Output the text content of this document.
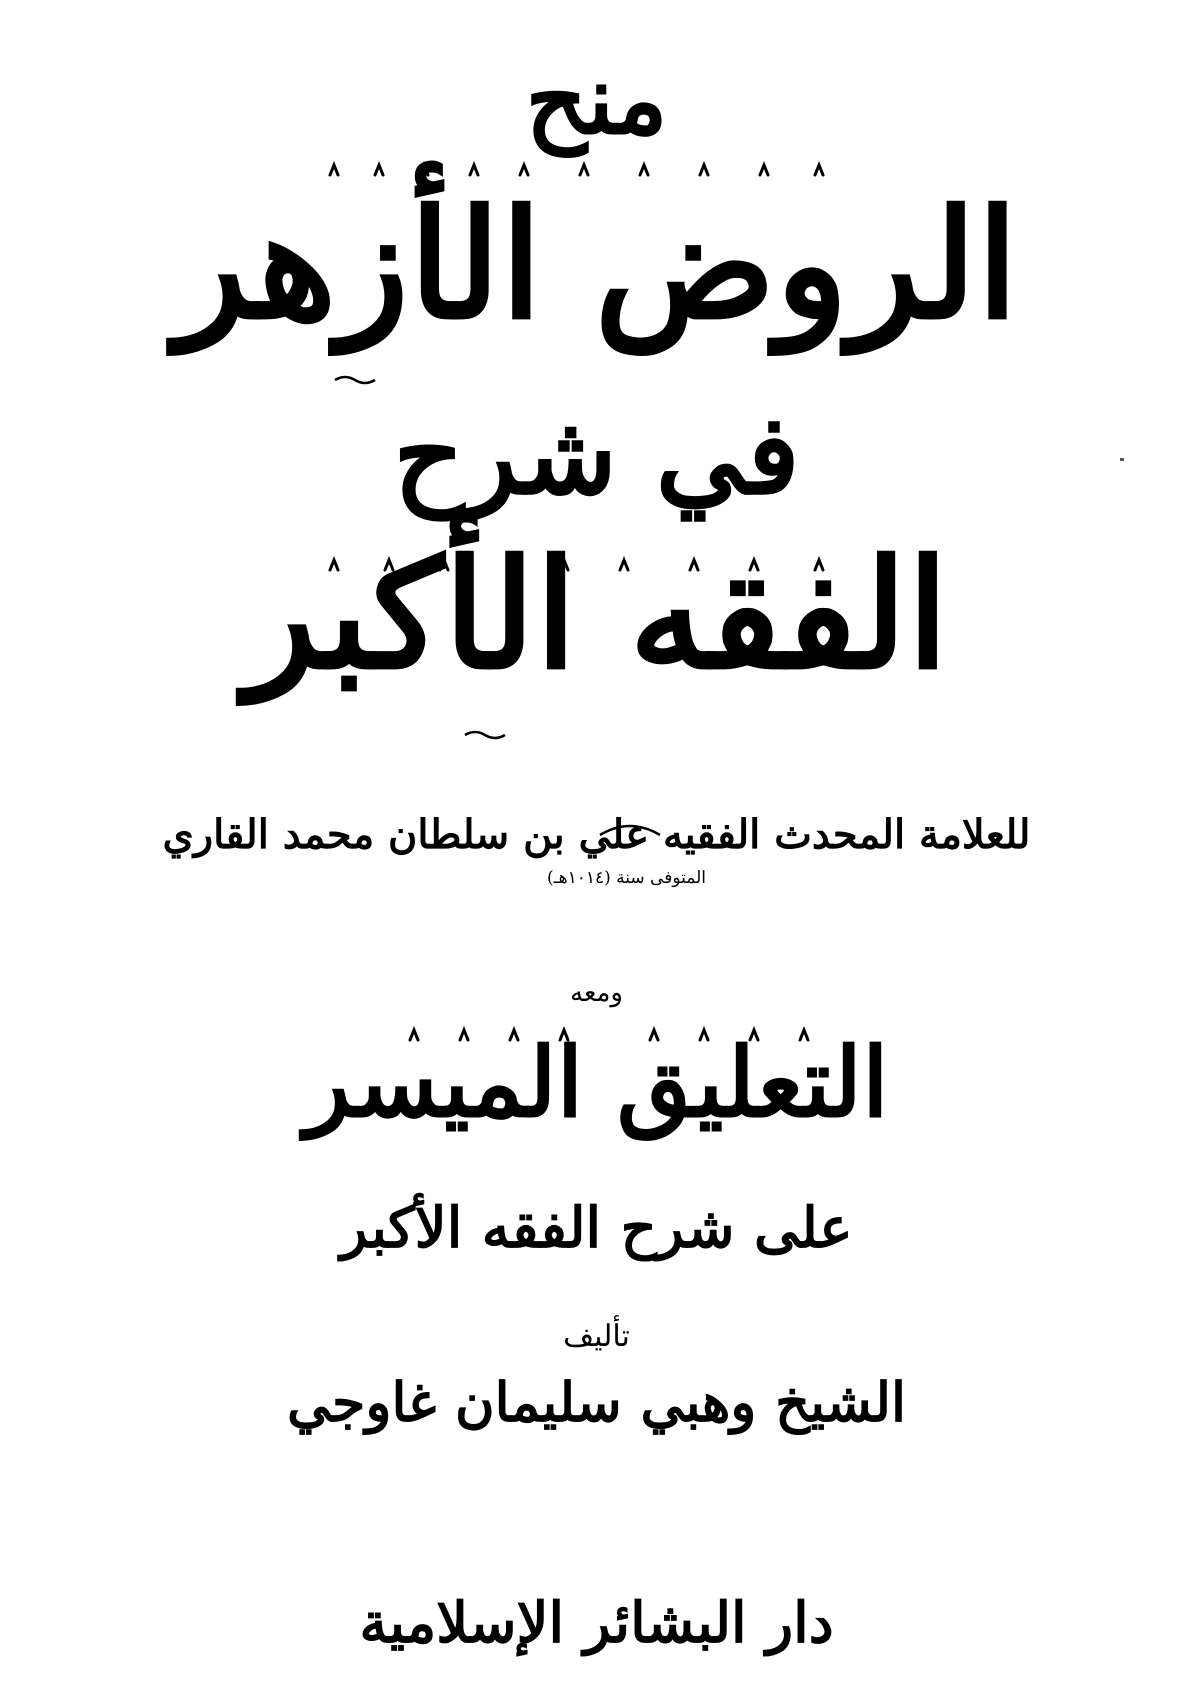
منح
الروض الأزهر
في شرح
الفقه الأكبر
للعلامة المحدث الفقيه علي بن سلطان محمد القاري
المتوفى سنة (١٠١٤هـ)
ومعه
التعليق الميسر
على شرح الفقه الأكبر
تأليف
الشيخ وهبي سليمان غاوجي
دار البشائر الإسلامية
